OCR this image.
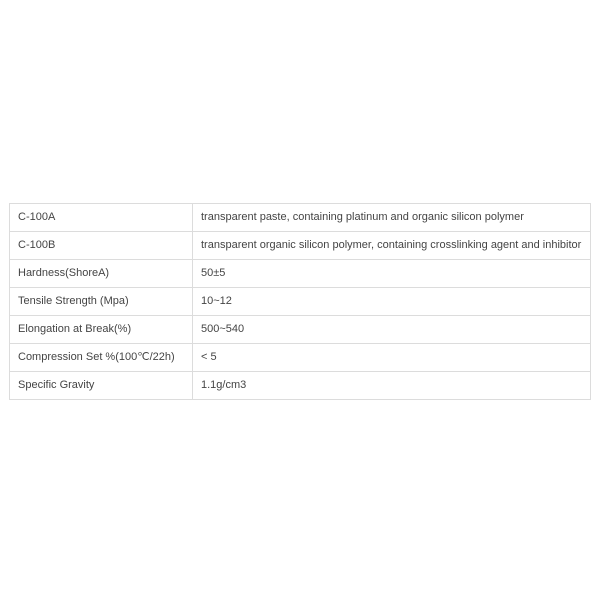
C-100A	transparent paste, containing platinum and organic silicon polymer
C-100B	transparent organic silicon polymer, containing crosslinking agent and inhibitor
Hardness(ShoreA)	50±5
Tensile Strength (Mpa)	10~12
Elongation at Break(%)	500~540
Compression Set %(100℃/22h)	< 5
Specific Gravity	1.1g/cm3
